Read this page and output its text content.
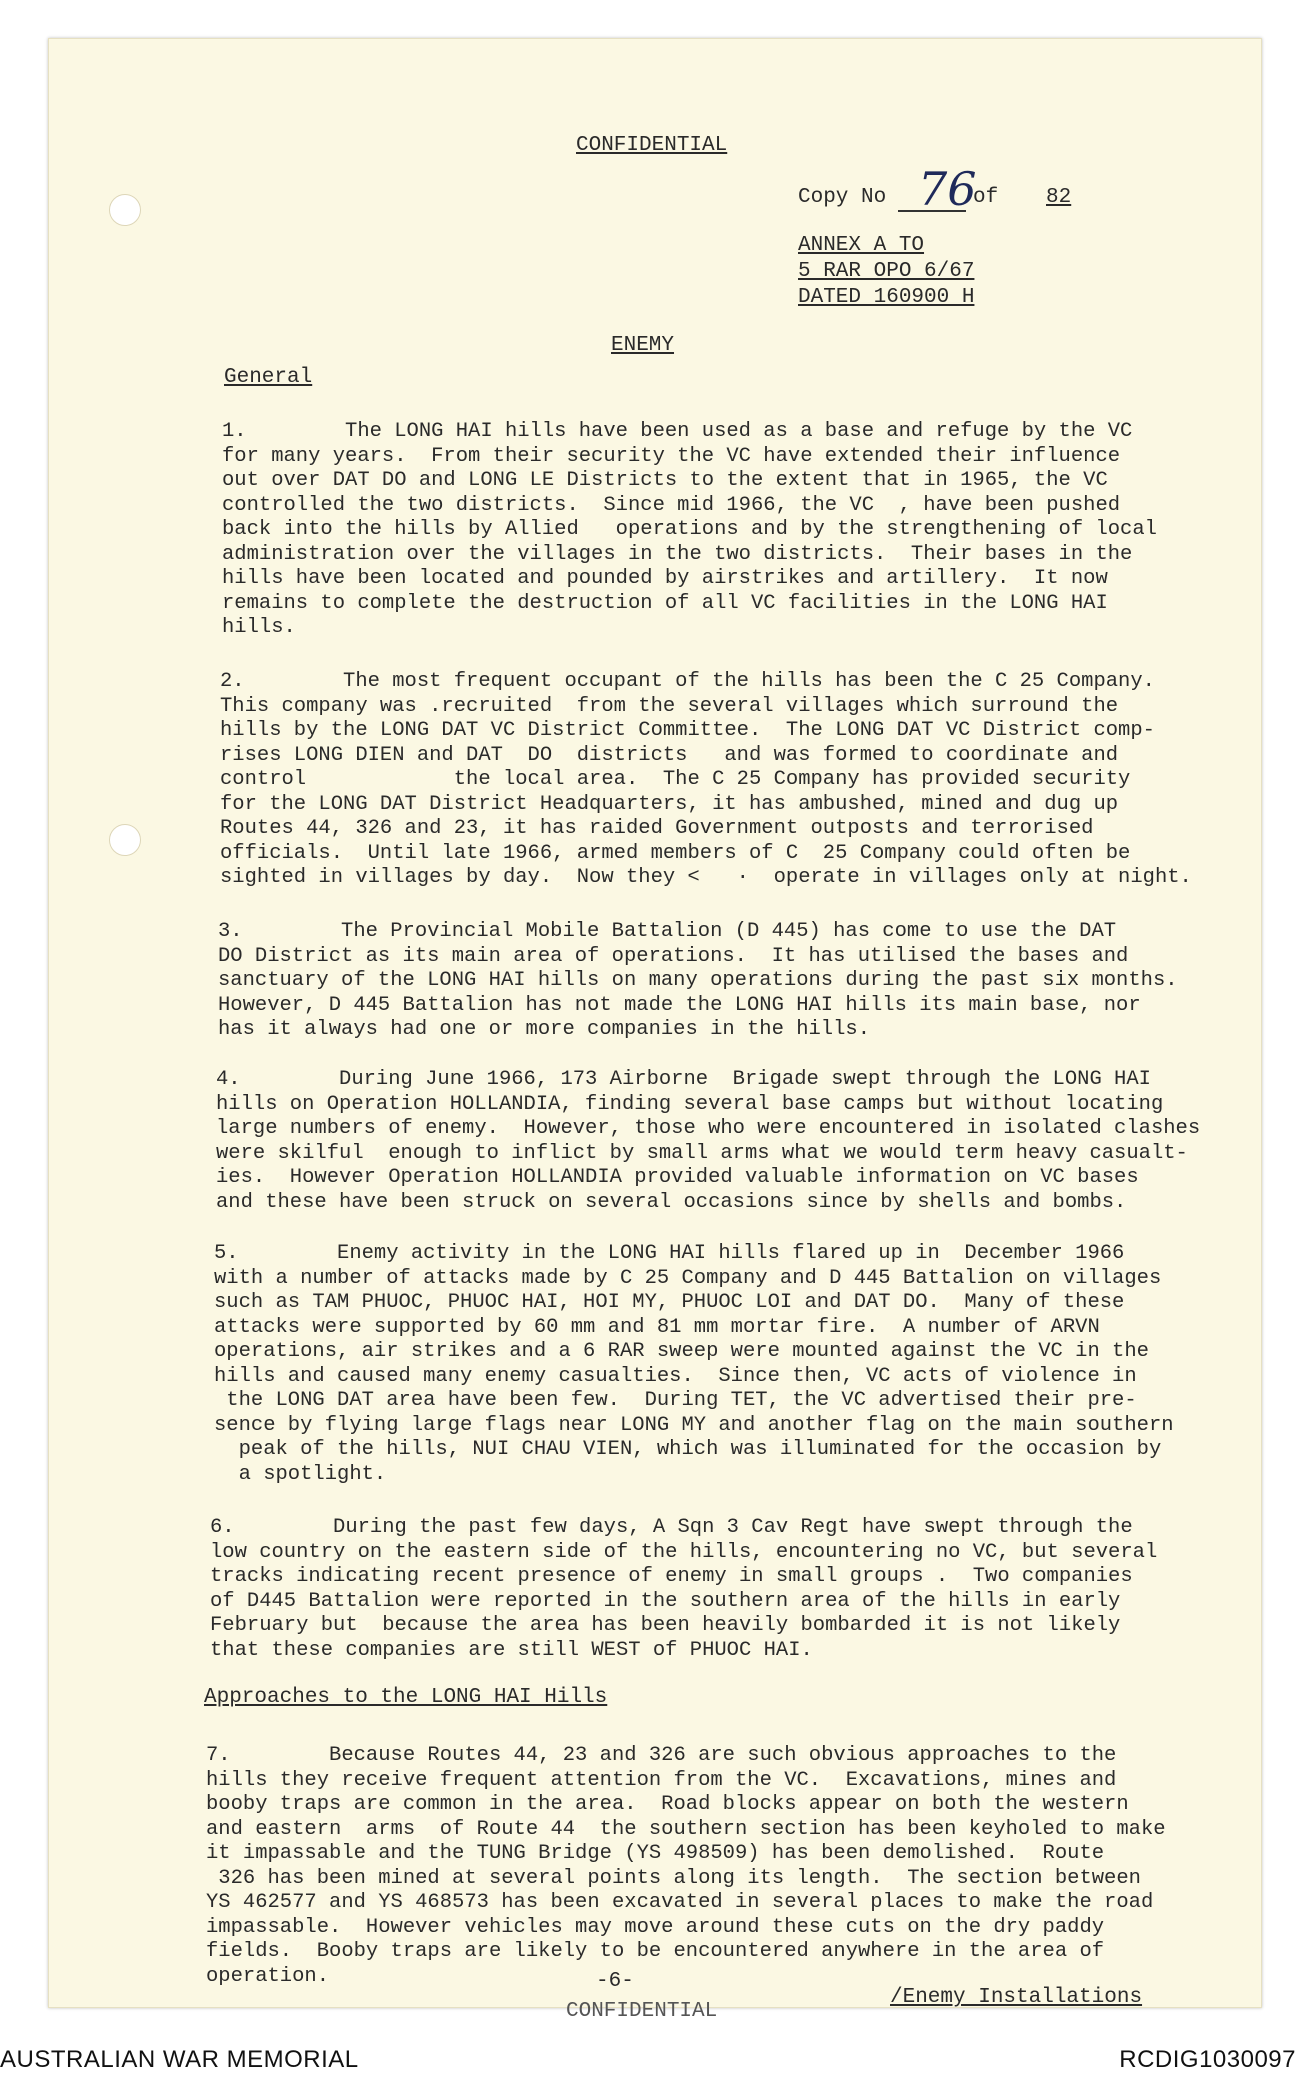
CONFIDENTIAL
Copy No 76
of	82
ANNEX A TO
5 RAR OPO 6/67
DATED 160900 H
ENEMY
General
1.        The LONG HAI hills have been used as a base and refuge by the VC
for many years.  From their security the VC have extended their influence
out over DAT DO and LONG LE Districts to the extent that in 1965, the VC
controlled the two districts.  Since mid 1966, the VC  , have been pushed
back into the hills by Allied   operations and by the strengthening of local
administration over the villages in the two districts.  Their bases in the
hills have been located and pounded by airstrikes and artillery.  It now
remains to complete the destruction of all VC facilities in the LONG HAI
hills.
2.        The most frequent occupant of the hills has been the C 25 Company.
This company was .recruited  from the several villages which surround the
hills by the LONG DAT VC District Committee.  The LONG DAT VC District comp-
rises LONG DIEN and DAT  DO  districts   and was formed to coordinate and
control            the local area.  The C 25 Company has provided security
for the LONG DAT District Headquarters, it has ambushed, mined and dug up
Routes 44, 326 and 23, it has raided Government outposts and terrorised
officials.  Until late 1966, armed members of C  25 Company could often be
sighted in villages by day.  Now they ˂   ·  operate in villages only at night.
3.        The Provincial Mobile Battalion (D 445) has come to use the DAT
DO District as its main area of operations.  It has utilised the bases and
sanctuary of the LONG HAI hills on many operations during the past six months.
However, D 445 Battalion has not made the LONG HAI hills its main base, nor
has it always had one or more companies in the hills.
4.        During June 1966, 173 Airborne  Brigade swept through the LONG HAI
hills on Operation HOLLANDIA, finding several base camps but without locating
large numbers of enemy.  However, those who were encountered in isolated clashes
were skilful  enough to inflict by small arms what we would term heavy casualt-
ies.  However Operation HOLLANDIA provided valuable information on VC bases
and these have been struck on several occasions since by shells and bombs.
5.        Enemy activity in the LONG HAI hills flared up in  December 1966
with a number of attacks made by C 25 Company and D 445 Battalion on villages
such as TAM PHUOC, PHUOC HAI, HOI MY, PHUOC LOI and DAT DO.  Many of these
attacks were supported by 60 mm and 81 mm mortar fire.  A number of ARVN
operations, air strikes and a 6 RAR sweep were mounted against the VC in the
hills and caused many enemy casualties.  Since then, VC acts of violence in
the LONG DAT area have been few.  During TET, the VC advertised their pre-
sence by flying large flags near LONG MY and another flag on the main southern
peak of the hills, NUI CHAU VIEN, which was illuminated for the occasion by
a spotlight.
6.        During the past few days, A Sqn 3 Cav Regt have swept through the
low country on the eastern side of the hills, encountering no VC, but several
tracks indicating recent presence of enemy in small groups .  Two companies
of D445 Battalion were reported in the southern area of the hills in early
February but  because the area has been heavily bombarded it is not likely
that these companies are still WEST of PHUOC HAI.
Approaches to the LONG HAI Hills
7.        Because Routes 44, 23 and 326 are such obvious approaches to the
hills they receive frequent attention from the VC.  Excavations, mines and
booby traps are common in the area.  Road blocks appear on both the western
and eastern  arms  of Route 44  the southern section has been keyholed to make
it impassable and the TUNG Bridge (YS 498509) has been demolished.  Route
326 has been mined at several points along its length.  The section between
YS 462577 and YS 468573 has been excavated in several places to make the road
impassable.  However vehicles may move around these cuts on the dry paddy
fields.  Booby traps are likely to be encountered anywhere in the area of
operation.	-6-
/Enemy Installations
CONFIDENTIAL
AUSTRALIAN WAR MEMORIAL	RCDIG1030097
